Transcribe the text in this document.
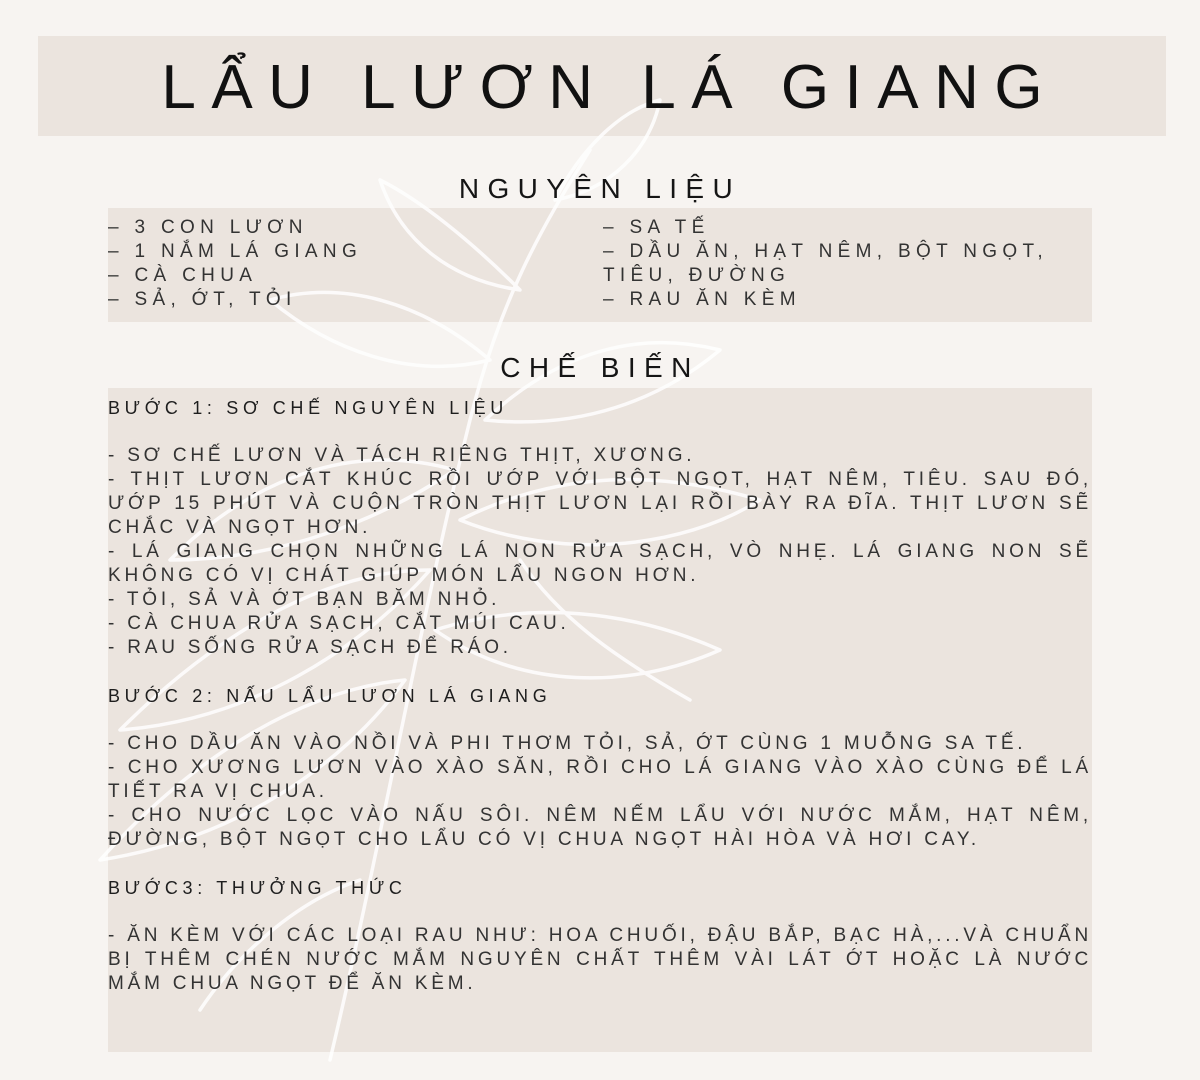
LẨU LƯƠN LÁ GIANG
NGUYÊN LIỆU
– 3 CON LƯƠN
– 1 NẮM LÁ GIANG
– CÀ CHUA
– SẢ, ỚT, TỎI
– SA TẾ
– DẦU ĂN, HẠT NÊM, BỘT NGỌT,
TIÊU, ĐƯỜNG
– RAU ĂN KÈM
CHẾ BIẾN

BƯỚC 1: SƠ CHẾ NGUYÊN LIỆU

- SƠ CHẾ LƯƠN VÀ TÁCH RIÊNG THỊT, XƯƠNG.

- THỊT LƯƠN CẮT KHÚC RỒI ƯỚP VỚI BỘT NGỌT, HẠT NÊM, TIÊU. SAU ĐÓ, ƯỚP 15 PHÚT VÀ CUỘN TRÒN THỊT LƯƠN LẠI RỒI BÀY RA ĐĨA. THỊT LƯƠN SẼ CHẮC VÀ NGỌT HƠN.

- LÁ GIANG CHỌN NHỮNG LÁ NON RỬA SẠCH, VÒ NHẸ. LÁ GIANG NON SẼ KHÔNG CÓ VỊ CHÁT GIÚP MÓN LẨU NGON HƠN.

- TỎI, SẢ VÀ ỚT BẠN BĂM NHỎ.

- CÀ CHUA RỬA SẠCH, CẮT MÚI CAU.

- RAU SỐNG RỬA SẠCH ĐỂ RÁO.

BƯỚC 2: NẤU LẨU LƯƠN LÁ GIANG

- CHO DẦU ĂN VÀO NỒI VÀ PHI THƠM TỎI, SẢ, ỚT CÙNG 1 MUỖNG SA TẾ.

- CHO XƯƠNG LƯƠN VÀO XÀO SĂN, RỒI CHO LÁ GIANG VÀO XÀO CÙNG ĐỂ LÁ TIẾT RA VỊ CHUA.

- CHO NƯỚC LỌC VÀO NẤU SÔI. NÊM NẾM LẨU VỚI NƯỚC MẮM, HẠT NÊM, ĐƯỜNG, BỘT NGỌT CHO LẨU CÓ VỊ CHUA NGỌT HÀI HÒA VÀ HƠI CAY.

BƯỚC3: THƯỞNG THỨC

- ĂN KÈM VỚI CÁC LOẠI RAU NHƯ: HOA CHUỐI, ĐẬU BẮP, BẠC HÀ,...VÀ CHUẨN BỊ THÊM CHÉN NƯỚC MẮM NGUYÊN CHẤT THÊM VÀI LÁT ỚT HOẶC LÀ NƯỚC MẮM CHUA NGỌT ĐỂ ĂN KÈM.
